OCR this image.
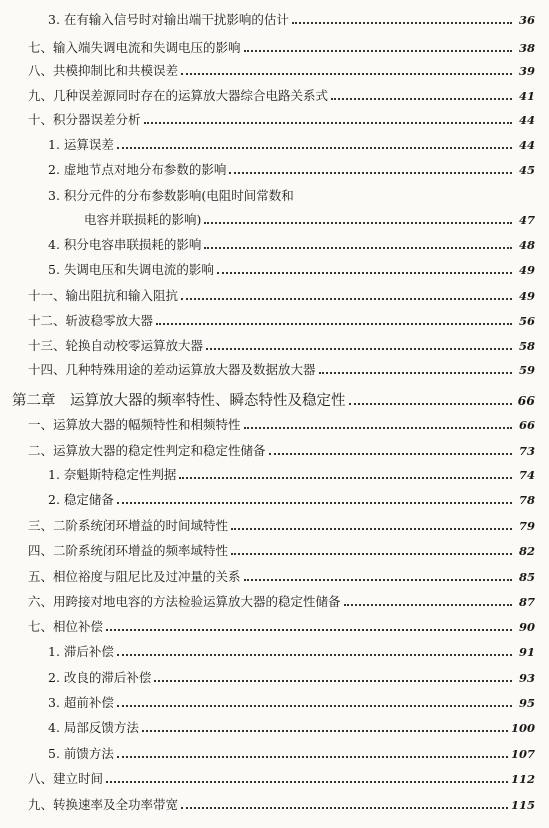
3. 在有输入信号时对输出端干扰影响的估计	36
七、输入端失调电流和失调电压的影响	38
八、共模抑制比和共模误差	39
九、几种误差源同时存在的运算放大器综合电路关系式	41
十、积分器误差分析	44
1. 运算误差	44
2. 虚地节点对地分布参数的影响	45
3. 积分元件的分布参数影响(电阻时间常数和
电容并联损耗的影响)	47
4. 积分电容串联损耗的影响	48
5. 失调电压和失调电流的影响	49
十一、输出阻抗和输入阻抗	49
十二、斩波稳零放大器	56
十三、轮换自动校零运算放大器	58
十四、几种特殊用途的差动运算放大器及数据放大器	59
第二章　运算放大器的频率特性、瞬态特性及稳定性	66
一、运算放大器的幅频特性和相频特性	66
二、运算放大器的稳定性判定和稳定性储备	73
1. 奈魁斯特稳定性判据	74
2. 稳定储备	78
三、二阶系统闭环增益的时间域特性	79
四、二阶系统闭环增益的频率域特性	82
五、相位裕度与阻尼比及过冲量的关系	85
六、用跨接对地电容的方法检验运算放大器的稳定性储备	87
七、相位补偿	90
1. 滞后补偿	91
2. 改良的滞后补偿	93
3. 超前补偿	95
4. 局部反馈方法	100
5. 前馈方法	107
八、建立时间	112
九、转换速率及全功率带宽	115
